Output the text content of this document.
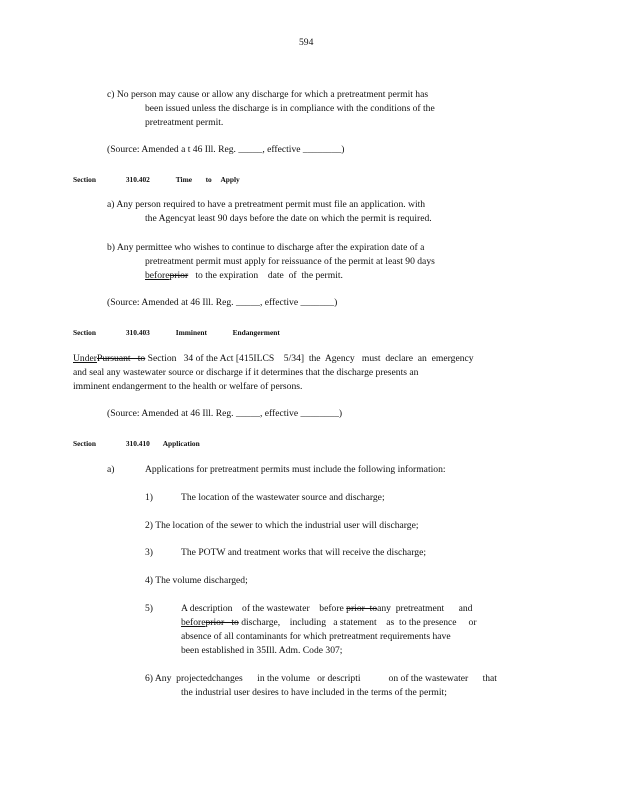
594
c) No person may cause or allow any discharge for which a pretreatment permit has
been issued unless the discharge is in compliance with the conditions of the
pretreatment permit.
(Source: Amended a t 46 Ill. Reg. _____, effective ________)
Section	310.402	Time to Apply
a) Any person required to have a pretreatment permit must file an application. with
the Agencyat least 90 days before the date on which the permit is required.
b) Any permittee who wishes to continue to discharge after the expiration date of a
pretreatment permit must apply for reissuance of the permit at least 90 days
beforeprior   to the expiration    date  of  the permit.
(Source: Amended at 46 Ill. Reg. _____, effective _______)
Section	310.403	Imminent	Endangerment
UnderPursuant   to Section   34 of the Act [415ILCS    5/34]  the  Agency   must  declare  an  emergency
and seal any wastewater source or discharge if it determines that the discharge presents an
imminent endangerment to the health or welfare of persons.
(Source: Amended at 46 Ill. Reg. _____, effective ________)
Section	310.410 Application
a)	Applications for pretreatment permits must include the following information:
1)	The location of the wastewater source and discharge;
2) The location of the sewer to which the industrial user will discharge;
3)	The POTW and treatment works that will receive the discharge;
4) The volume discharged;
5)	A description    of the wastewater    before prior  toany  pretreatment      and
beforeprior   to discharge,    including   a statement    as  to the presence     or
absence of all contaminants for which pretreatment requirements have
been established in 35Ill. Adm. Code 307;
6) Any  projectedchanges      in the volume   or descripti	on of the wastewater      that
the industrial user desires to have included in the terms of the permit;
